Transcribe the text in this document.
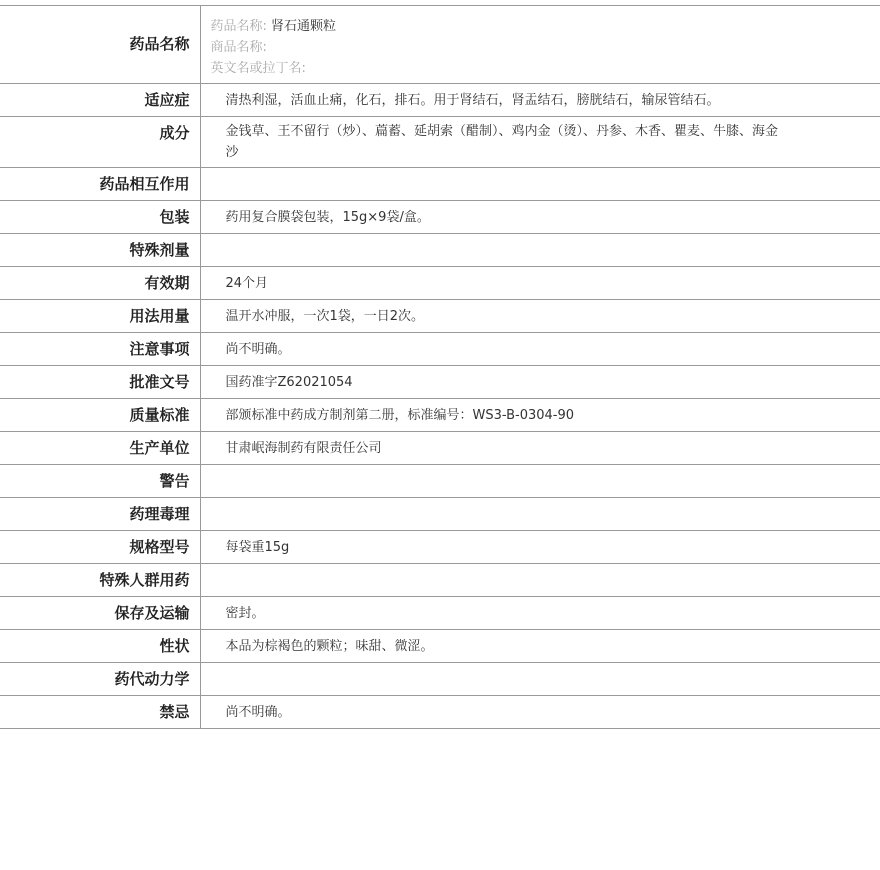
药品名称	药品名称: 肾石通颗粒
商品名称:
英文名或拉丁名:

适应症	清热利湿，活血止痛，化石，排石。用于肾结石，肾盂结石，膀胱结石，输尿管结石。
成分	金钱草、王不留行（炒）、萹蓄、延胡索（醋制）、鸡内金（烫）、丹参、木香、瞿麦、牛膝、海金沙
药品相互作用	
包装	药用复合膜袋包装，15g×9袋/盒。
特殊剂量	
有效期	24个月
用法用量	温开水冲服，一次1袋，一日2次。
注意事项	尚不明确。
批准文号	国药准字Z62021054
质量标准	部颁标准中药成方制剂第二册，标准编号：WS3-B-0304-90
生产单位	甘肃岷海制药有限责任公司
警告	
药理毒理	
规格型号	每袋重15g
特殊人群用药	
保存及运输	密封。
性状	本品为棕褐色的颗粒；味甜、微涩。
药代动力学	
禁忌	尚不明确。
